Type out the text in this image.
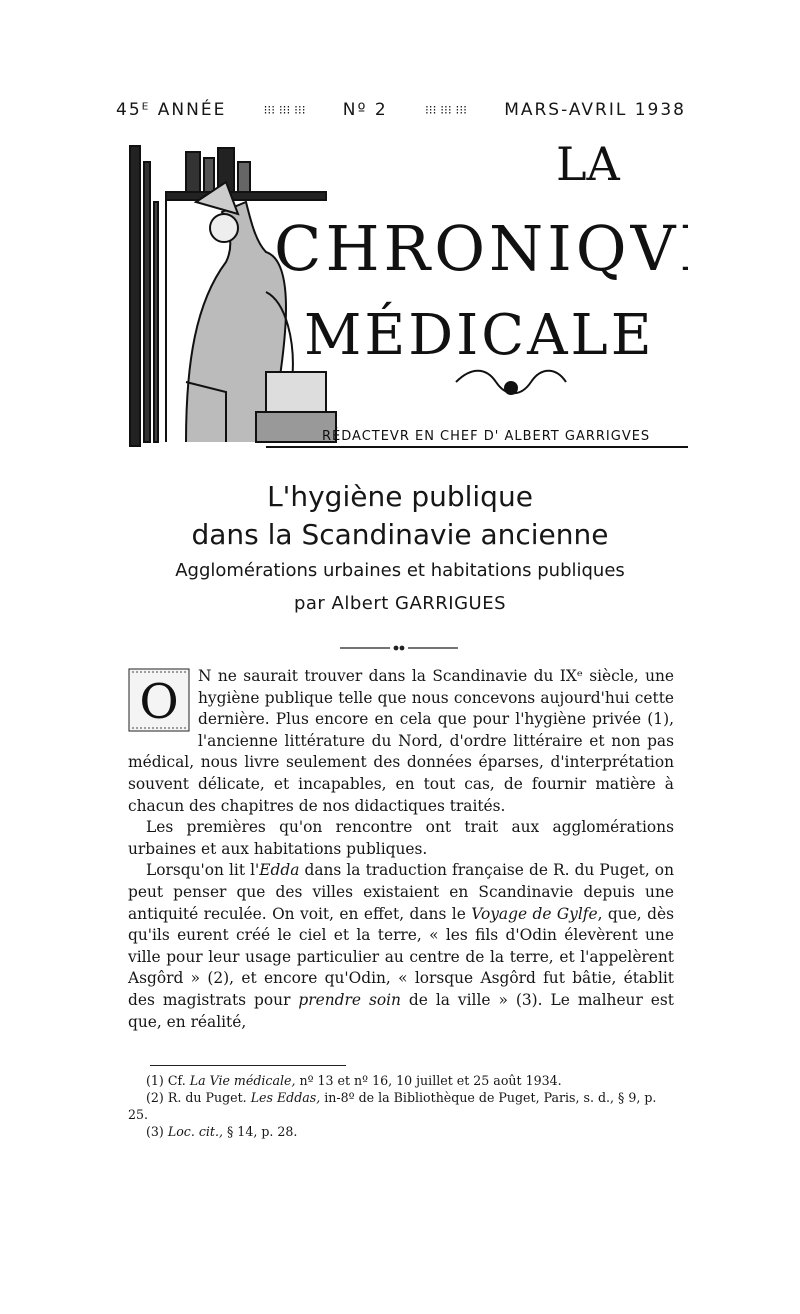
45ᴱ ANNÉE	⁝⁝⁝ ⁝⁝⁝ ⁝⁝⁝ Nº 2	⁝⁝⁝ ⁝⁝⁝ ⁝⁝⁝ MARS-AVRIL 1938
LA
CHRONIQVE
MÉDICALE
RÉDACTEVR EN CHEF D' ALBERT GARRIGVES
L'hygiène publique
dans la Scandinavie ancienne
Agglomérations urbaines et habitations publiques
par Albert GARRIGUES

O N ne saurait trouver dans la Scandinavie du IXᵉ siècle, une hygiène publique telle que nous concevons aujourd'hui cette dernière. Plus encore en cela que pour l'hygiène privée (1), l'ancienne littérature du Nord, d'ordre littéraire et non pas médical, nous livre seulement des données éparses, d'interprétation souvent délicate, et incapables, en tout cas, de fournir matière à chacun des chapitres de nos didactiques traités.

Les premières qu'on rencontre ont trait aux agglomérations urbaines et aux habitations publiques.

Lorsqu'on lit l'Edda dans la traduction française de R. du Puget, on peut penser que des villes existaient en Scandinavie depuis une antiquité reculée. On voit, en effet, dans le Voyage de Gylfe, que, dès qu'ils eurent créé le ciel et la terre, « les fils d'Odin élevèrent une ville pour leur usage particulier au centre de la terre, et l'appelèrent Asgôrd » (2), et encore qu'Odin, « lorsque Asgôrd fut bâtie, établit des magistrats pour prendre soin de la ville » (3). Le malheur est que, en réalité,

(1) Cf. La Vie médicale, nº 13 et nº 16, 10 juillet et 25 août 1934.

(2) R. du Puget. Les Eddas, in-8º de la Bibliothèque de Puget, Paris, s. d., § 9, p. 25.

(3) Loc. cit., § 14, p. 28.
